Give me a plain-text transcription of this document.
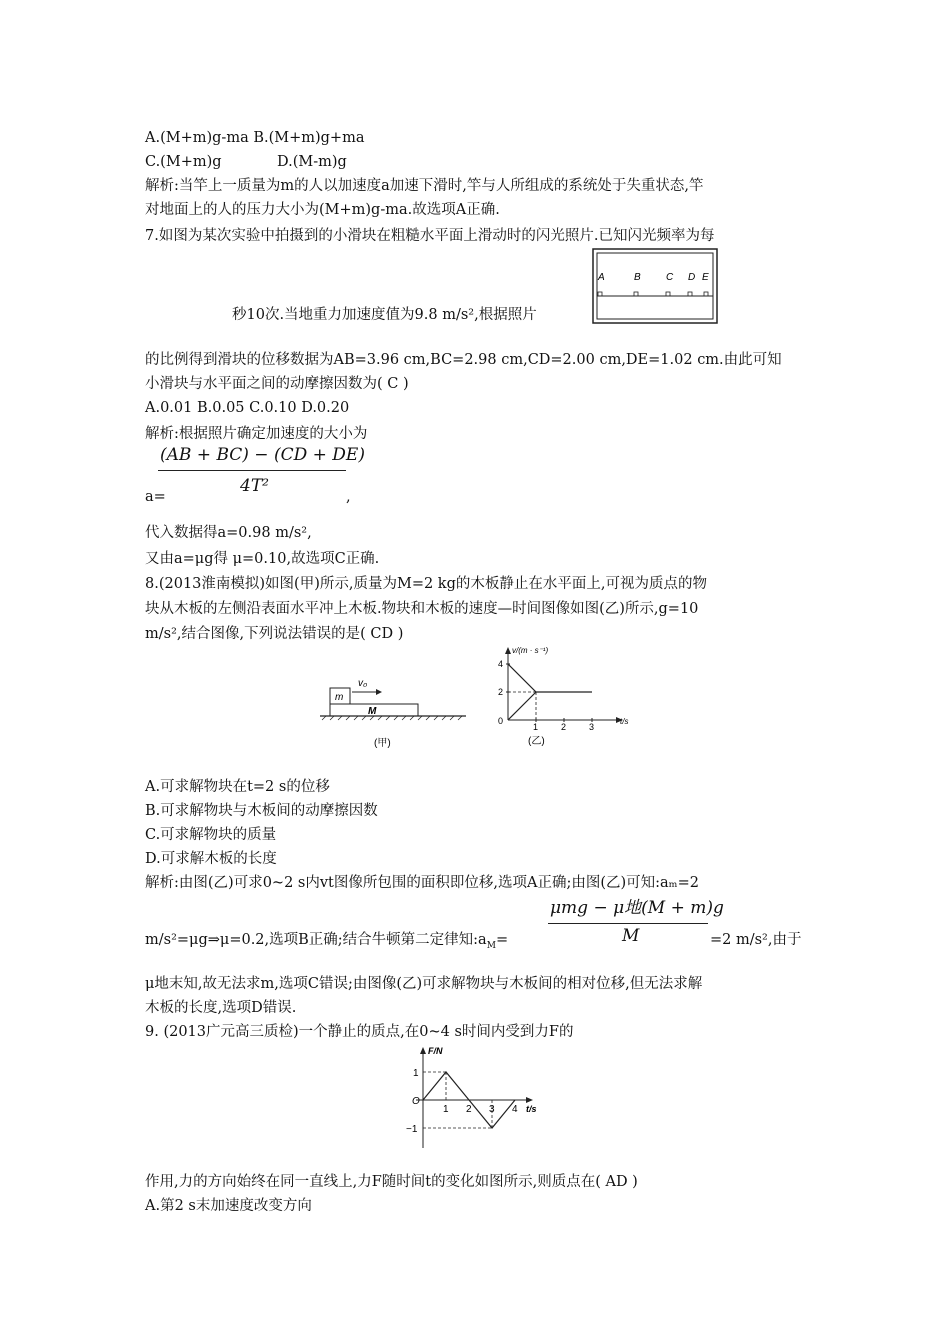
A.(M+m)g-ma B.(M+m)g+ma
C.(M+m)g	D.(M-m)g
解析:当竿上一质量为m的人以加速度a加速下滑时,竿与人所组成的系统处于失重状态,竿
对地面上的人的压力大小为(M+m)g-ma.故选项A正确.
7.如图为某次实验中拍摄到的小滑块在粗糙水平面上滑动时的闪光照片.已知闪光频率为每
A	B	C D E
秒10次.当地重力加速度值为9.8 m/s²,根据照片
的比例得到滑块的位移数据为AB=3.96 cm,BC=2.98 cm,CD=2.00 cm,DE=1.02 cm.由此可知
小滑块与水平面之间的动摩擦因数为( C )
A.0.01 B.0.05 C.0.10 D.0.20
解析:根据照片确定加速度的大小为
(AB + BC) − (CD + DE)
4T²
a=	,
代入数据得a=0.98 m/s²,
又由a=μg得 μ=0.10,故选项C正确.
8.(2013淮南模拟)如图(甲)所示,质量为M=2 kg的木板静止在水平面上,可视为质点的物
块从木板的左侧沿表面水平冲上木板.物块和木板的速度—时间图像如图(乙)所示,g=10
m/s²,结合图像,下列说法错误的是( CD )
m
v₀
M
(甲)
v/(m · s⁻¹)
t/s
0
4
2
1	2	3
(乙)
A.可求解物块在t=2 s的位移
B.可求解物块与木板间的动摩擦因数
C.可求解物块的质量
D.可求解木板的长度
解析:由图(乙)可求0~2 s内vt图像所包围的面积即位移,选项A正确;由图(乙)可知:aₘ=2
μmg − μ地(M + m)g
M
m/s²=μg⇒μ=0.2,选项B正确;结合牛顿第二定律知$:a_M=$	=2 m/s²,由于
μ地末知,故无法求m,选项C错误;由图像(乙)可求解物块与木板间的相对位移,但无法求解
木板的长度,选项D错误.
9. (2013广元高三质检)一个静止的质点,在0~4 s时间内受到力F的
F/N
t/s
O
1
−1
1 2 3 4
作用,力的方向始终在同一直线上,力F随时间t的变化如图所示,则质点在( AD )
A.第2 s末加速度改变方向
